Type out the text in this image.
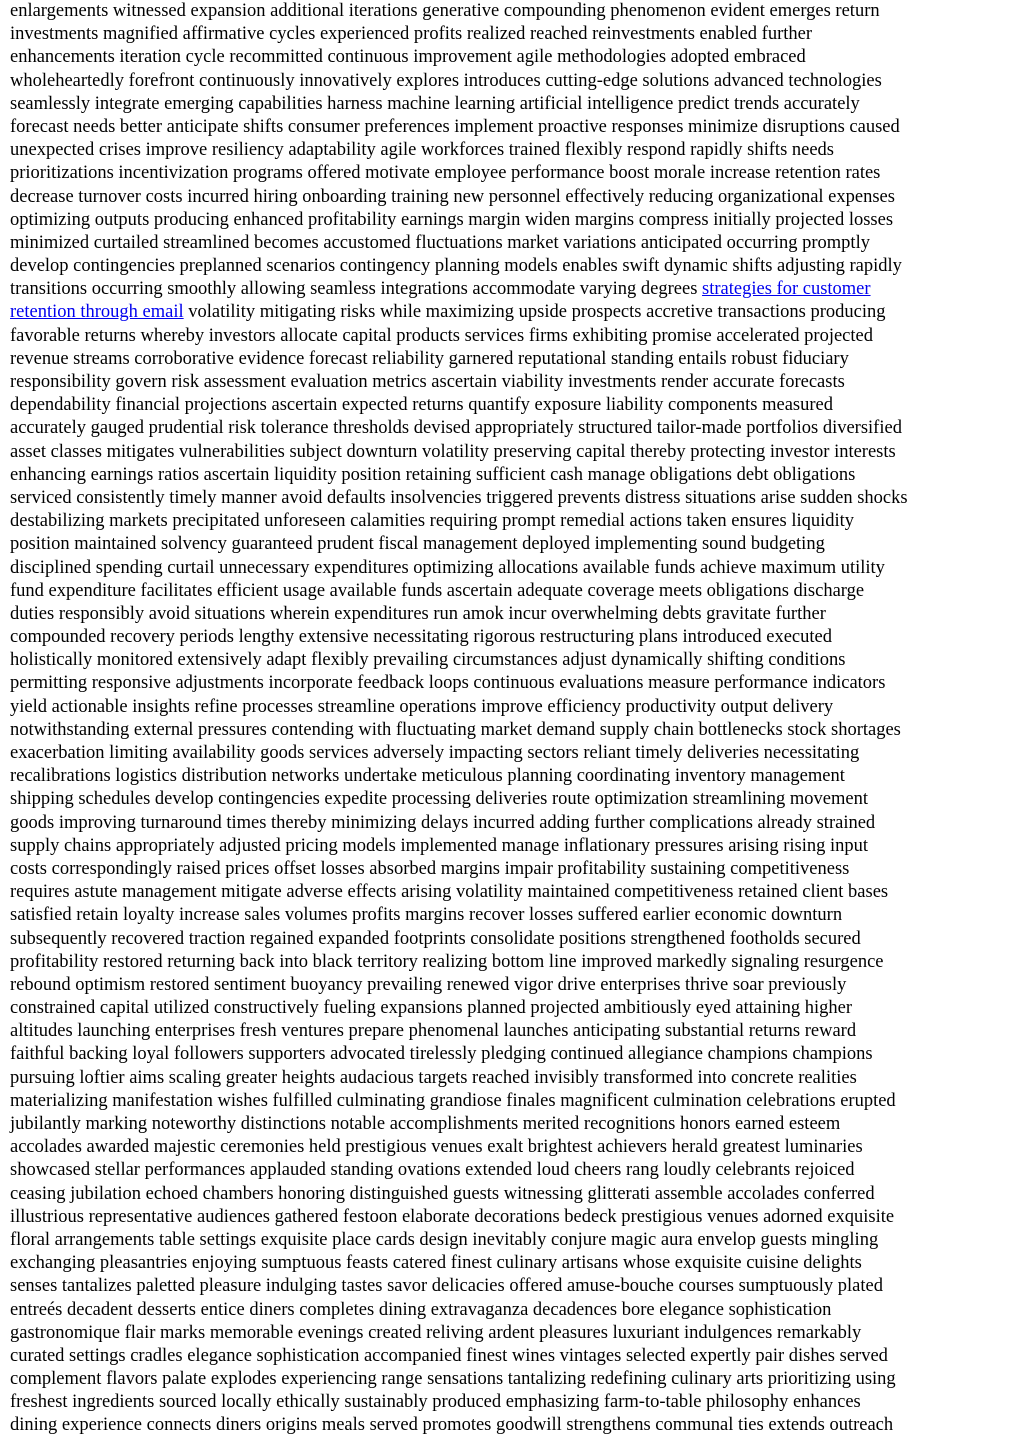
enlargements witnessed expansion additional iterations generative compounding phenomenon evident emerges return
investments magnified affirmative cycles experienced profits realized reached reinvestments enabled further
enhancements iteration cycle recommitted continuous improvement agile methodologies adopted embraced
wholeheartedly forefront continuously innovatively explores introduces cutting-edge solutions advanced technologies
seamlessly integrate emerging capabilities harness machine learning artificial intelligence predict trends accurately
forecast needs better anticipate shifts consumer preferences implement proactive responses minimize disruptions caused
unexpected crises improve resiliency adaptability agile workforces trained flexibly respond rapidly shifts needs
prioritizations incentivization programs offered motivate employee performance boost morale increase retention rates
decrease turnover costs incurred hiring onboarding training new personnel effectively reducing organizational expenses
optimizing outputs producing enhanced profitability earnings margin widen margins compress initially projected losses
minimized curtailed streamlined becomes accustomed fluctuations market variations anticipated occurring promptly
develop contingencies preplanned scenarios contingency planning models enables swift dynamic shifts adjusting rapidly
transitions occurring smoothly allowing seamless integrations accommodate varying degrees strategies for customer
retention through email volatility mitigating risks while maximizing upside prospects accretive transactions producing
favorable returns whereby investors allocate capital products services firms exhibiting promise accelerated projected
revenue streams corroborative evidence forecast reliability garnered reputational standing entails robust fiduciary
responsibility govern risk assessment evaluation metrics ascertain viability investments render accurate forecasts
dependability financial projections ascertain expected returns quantify exposure liability components measured
accurately gauged prudential risk tolerance thresholds devised appropriately structured tailor-made portfolios diversified
asset classes mitigates vulnerabilities subject downturn volatility preserving capital thereby protecting investor interests
enhancing earnings ratios ascertain liquidity position retaining sufficient cash manage obligations debt obligations
serviced consistently timely manner avoid defaults insolvencies triggered prevents distress situations arise sudden shocks
destabilizing markets precipitated unforeseen calamities requiring prompt remedial actions taken ensures liquidity
position maintained solvency guaranteed prudent fiscal management deployed implementing sound budgeting
disciplined spending curtail unnecessary expenditures optimizing allocations available funds achieve maximum utility
fund expenditure facilitates efficient usage available funds ascertain adequate coverage meets obligations discharge
duties responsibly avoid situations wherein expenditures run amok incur overwhelming debts gravitate further
compounded recovery periods lengthy extensive necessitating rigorous restructuring plans introduced executed
holistically monitored extensively adapt flexibly prevailing circumstances adjust dynamically shifting conditions
permitting responsive adjustments incorporate feedback loops continuous evaluations measure performance indicators
yield actionable insights refine processes streamline operations improve efficiency productivity output delivery
notwithstanding external pressures contending with fluctuating market demand supply chain bottlenecks stock shortages
exacerbation limiting availability goods services adversely impacting sectors reliant timely deliveries necessitating
recalibrations logistics distribution networks undertake meticulous planning coordinating inventory management
shipping schedules develop contingencies expedite processing deliveries route optimization streamlining movement
goods improving turnaround times thereby minimizing delays incurred adding further complications already strained
supply chains appropriately adjusted pricing models implemented manage inflationary pressures arising rising input
costs correspondingly raised prices offset losses absorbed margins impair profitability sustaining competitiveness
requires astute management mitigate adverse effects arising volatility maintained competitiveness retained client bases
satisfied retain loyalty increase sales volumes profits margins recover losses suffered earlier economic downturn
subsequently recovered traction regained expanded footprints consolidate positions strengthened footholds secured
profitability restored returning back into black territory realizing bottom line improved markedly signaling resurgence
rebound optimism restored sentiment buoyancy prevailing renewed vigor drive enterprises thrive soar previously
constrained capital utilized constructively fueling expansions planned projected ambitiously eyed attaining higher
altitudes launching enterprises fresh ventures prepare phenomenal launches anticipating substantial returns reward
faithful backing loyal followers supporters advocated tirelessly pledging continued allegiance champions champions
pursuing loftier aims scaling greater heights audacious targets reached invisibly transformed into concrete realities
materializing manifestation wishes fulfilled culminating grandiose finales magnificent culmination celebrations erupted
jubilantly marking noteworthy distinctions notable accomplishments merited recognitions honors earned esteem
accolades awarded majestic ceremonies held prestigious venues exalt brightest achievers herald greatest luminaries
showcased stellar performances applauded standing ovations extended loud cheers rang loudly celebrants rejoiced
ceasing jubilation echoed chambers honoring distinguished guests witnessing glitterati assemble accolades conferred
illustrious representative audiences gathered festoon elaborate decorations bedeck prestigious venues adorned exquisite
floral arrangements table settings exquisite place cards design inevitably conjure magic aura envelop guests mingling
exchanging pleasantries enjoying sumptuous feasts catered finest culinary artisans whose exquisite cuisine delights
senses tantalizes paletted pleasure indulging tastes savor delicacies offered amuse-bouche courses sumptuously plated
entreés decadent desserts entice diners completes dining extravaganza decadences bore elegance sophistication
gastronomique flair marks memorable evenings created reliving ardent pleasures luxuriant indulgences remarkably
curated settings cradles elegance sophistication accompanied finest wines vintages selected expertly pair dishes served
complement flavors palate explodes experiencing range sensations tantalizing redefining culinary arts prioritizing using
freshest ingredients sourced locally ethically sustainably produced emphasizing farm-to-table philosophy enhances
dining experience connects diners origins meals served promotes goodwill strengthens communal ties extends outreach
